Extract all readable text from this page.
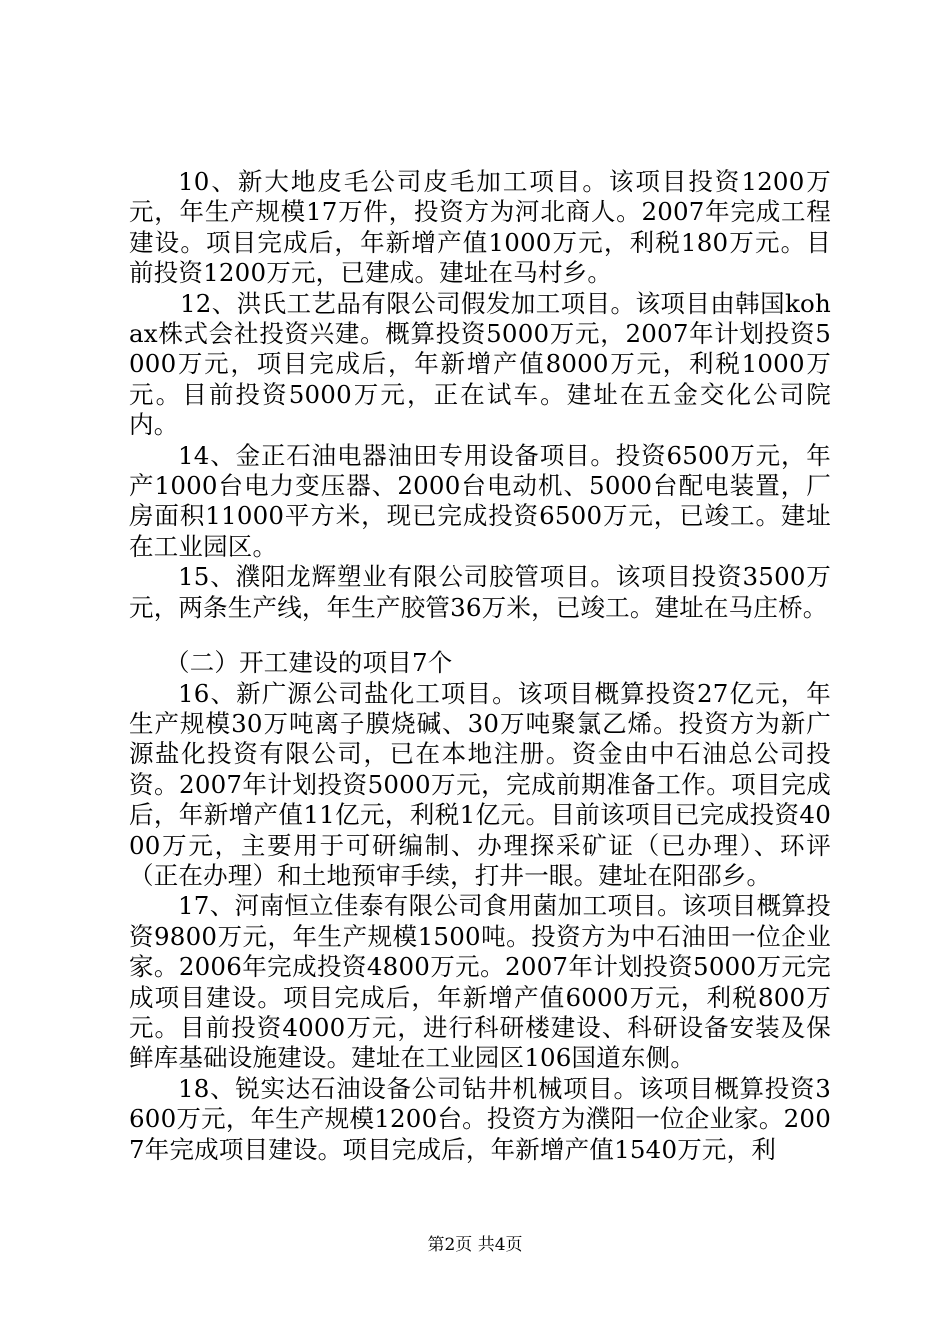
10、新大地皮毛公司皮毛加工项目。该项目投资1200万元，年生产规模17万件，投资方为河北商人。2007年完成工程建设。项目完成后，年新增产值1000万元，利税180万元。目前投资1200万元，已建成。建址在马村乡。

12、洪氏工艺品有限公司假发加工项目。该项目由韩国kohax株式会社投资兴建。概算投资5000万元，2007年计划投资5000万元，项目完成后，年新增产值8000万元，利税1000万元。目前投资5000万元，正在试车。建址在五金交化公司院内。

14、金正石油电器油田专用设备项目。投资6500万元，年产1000台电力变压器、2000台电动机、5000台配电装置，厂房面积11000平方米，现已完成投资6500万元，已竣工。建址在工业园区。

15、濮阳龙辉塑业有限公司胶管项目。该项目投资3500万元，两条生产线，年生产胶管36万米，已竣工。建址在马庄桥。

（二）开工建设的项目7个

16、新广源公司盐化工项目。该项目概算投资27亿元，年生产规模30万吨离子膜烧碱、30万吨聚氯乙烯。投资方为新广源盐化投资有限公司，已在本地注册。资金由中石油总公司投资。2007年计划投资5000万元，完成前期准备工作。项目完成后，年新增产值11亿元，利税1亿元。目前该项目已完成投资4000万元，主要用于可研编制、办理探采矿证（已办理）、环评（正在办理）和土地预审手续，打井一眼。建址在阳邵乡。

17、河南恒立佳泰有限公司食用菌加工项目。该项目概算投资9800万元，年生产规模1500吨。投资方为中石油田一位企业家。2006年完成投资4800万元。2007年计划投资5000万元完成项目建设。项目完成后，年新增产值6000万元，利税800万元。目前投资4000万元，进行科研楼建设、科研设备安装及保鲜库基础设施建设。建址在工业园区106国道东侧。

18、锐实达石油设备公司钻井机械项目。该项目概算投资3600万元，年生产规模1200台。投资方为濮阳一位企业家。2007年完成项目建设。项目完成后，年新增产值1540万元，利

第2页 共4页
